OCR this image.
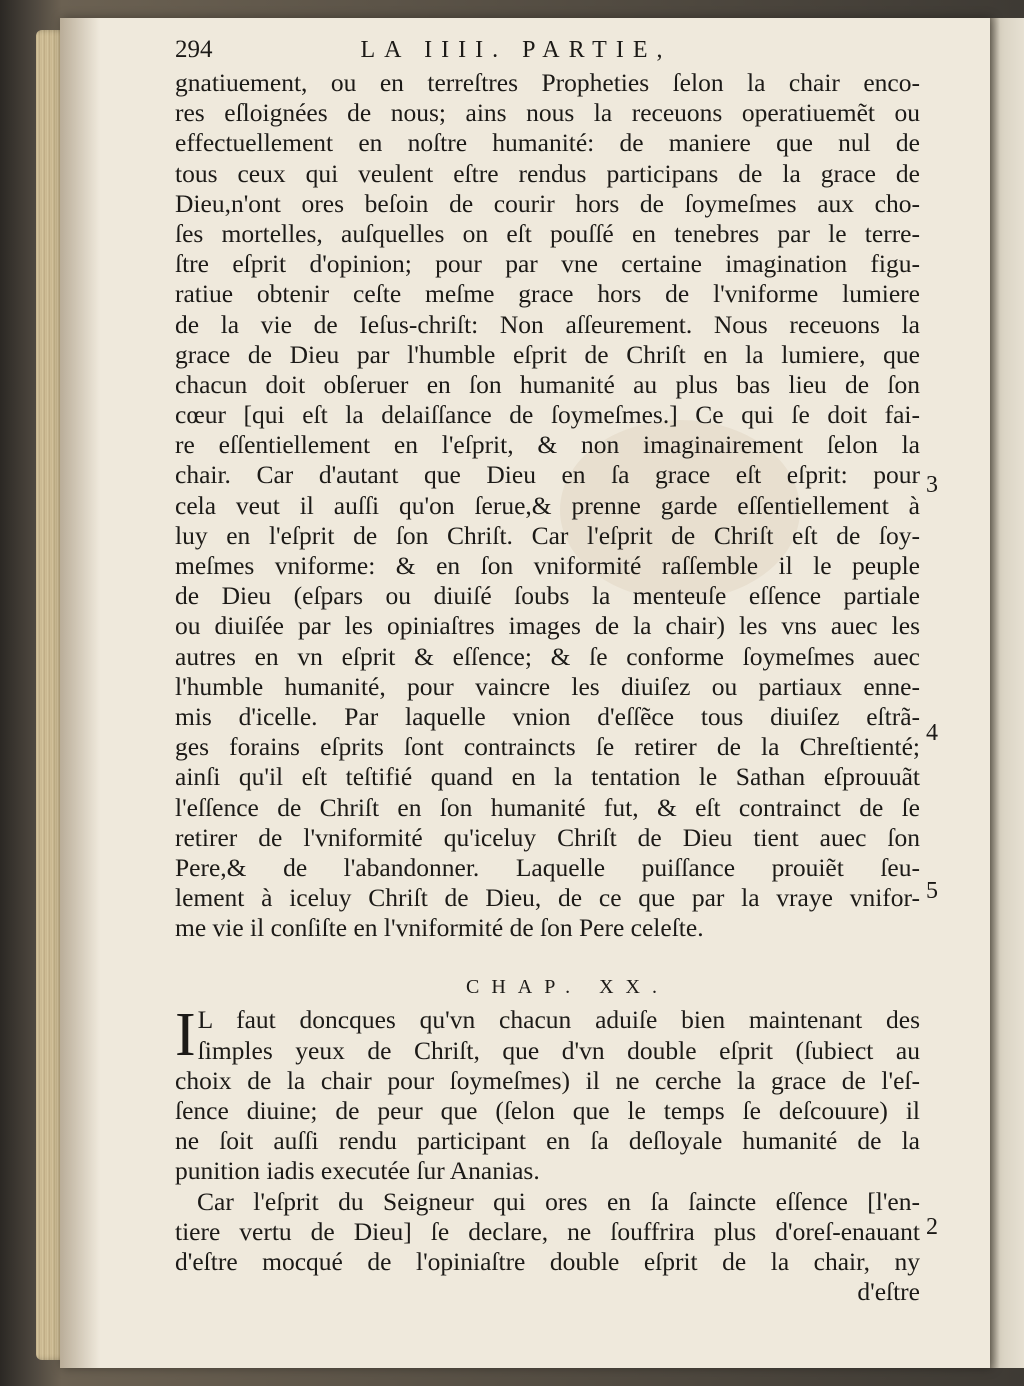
294	LA IIII. PARTIE,
gnatiuement, ou en terreſtres Propheties ſelon la chair enco-
res eſloignées de nous; ains nous la receuons operatiuemẽt ou
effectuellement en noſtre humanité: de maniere que nul de
tous ceux qui veulent eſtre rendus participans de la grace de
Dieu,n'ont ores beſoin de courir hors de ſoymeſmes aux cho-
ſes mortelles, auſquelles on eſt pouſſé en tenebres par le terre-
ſtre eſprit d'opinion; pour par vne certaine imagination figu-
ratiue obtenir ceſte meſme grace hors de l'vniforme lumiere
de la vie de Ieſus-chriſt: Non aſſeurement. Nous receuons la
grace de Dieu par l'humble eſprit de Chriſt en la lumiere, que
chacun doit obſeruer en ſon humanité au plus bas lieu de ſon
cœur [qui eſt la delaiſſance de ſoymeſmes.] Ce qui ſe doit fai-
re eſſentiellement en l'eſprit, & non imaginairement ſelon la
chair. Car d'autant que Dieu en ſa grace eſt eſprit: pour
cela veut il auſſi qu'on ſerue,& prenne garde eſſentiellement à
luy en l'eſprit de ſon Chriſt. Car l'eſprit de Chriſt eſt de ſoy-
meſmes vniforme: & en ſon vniformité raſſemble il le peuple
de Dieu (eſpars ou diuiſé ſoubs la menteuſe eſſence partiale
ou diuiſée par les opiniaſtres images de la chair) les vns auec les
autres en vn eſprit & eſſence; & ſe conforme ſoymeſmes auec
l'humble humanité, pour vaincre les diuiſez ou partiaux enne-
mis d'icelle. Par laquelle vnion d'eſſẽce tous diuiſez eſtrã-
ges forains eſprits ſont contraincts ſe retirer de la Chreſtienté;
ainſi qu'il eſt teſtifié quand en la tentation le Sathan eſprouuãt
l'eſſence de Chriſt en ſon humanité fut, & eſt contrainct de ſe
retirer de l'vniformité qu'iceluy Chriſt de Dieu tient auec ſon
Pere,& de l'abandonner. Laquelle puiſſance prouiẽt ſeu-
lement à iceluy Chriſt de Dieu, de ce que par la vraye vnifor-
me vie il conſiſte en l'vniformité de ſon Pere celeſte.
CHAP. XX.
I L faut doncques qu'vn chacun aduiſe bien maintenant des
ſimples yeux de Chriſt, que d'vn double eſprit (ſubiect au
choix de la chair pour ſoymeſmes) il ne cerche la grace de l'eſ-
ſence diuine; de peur que (ſelon que le temps ſe deſcouure) il
ne ſoit auſſi rendu participant en ſa deſloyale humanité de la
punition iadis executée ſur Ananias.
Car l'eſprit du Seigneur qui ores en ſa ſaincte eſſence [l'en-
tiere vertu de Dieu] ſe declare, ne ſouffrira plus d'oreſ-enauant
d'eſtre mocqué de l'opiniaſtre double eſprit de la chair, ny
d'eſtre
3
4
5
2
